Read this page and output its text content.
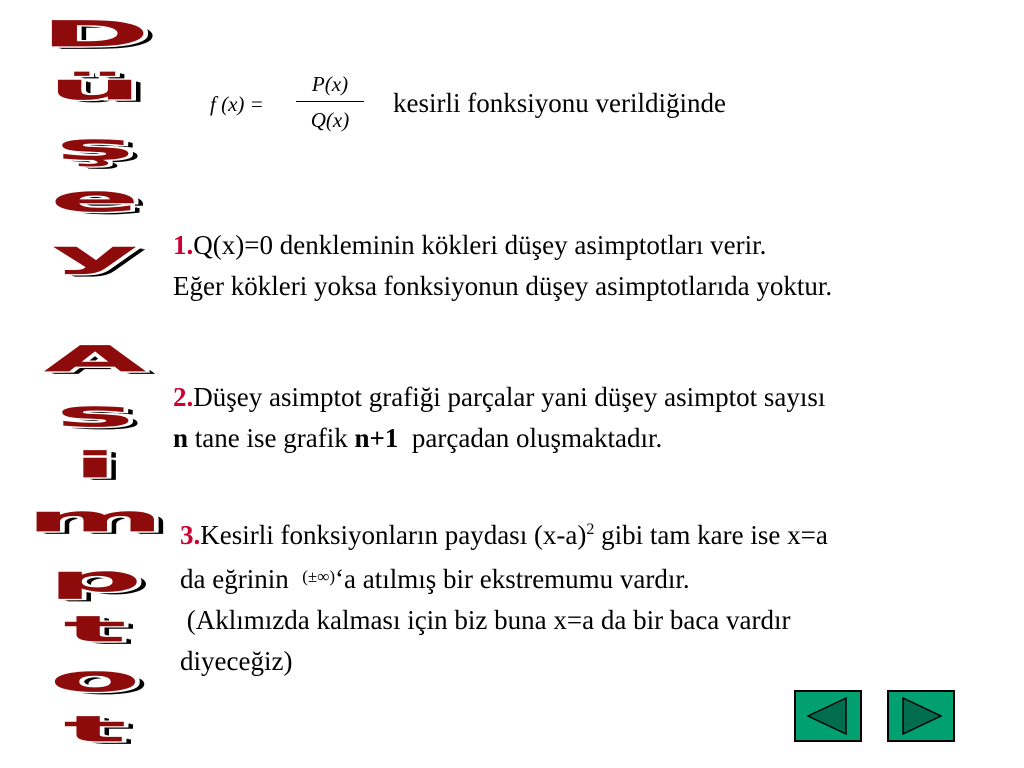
D
ü
ş
e
y
A
s
i
m
p
t
o
t
f (x) =
P(x)
Q(x)
kesirli fonksiyonu verildiğinde
1.Q(x)=0 denkleminin kökleri düşey asimptotları verir.
Eğer kökleri yoksa fonksiyonun düşey asimptotlarıda yoktur.
2.Düşey asimptot grafiği parçalar yani düşey asimptot sayısı
n tane ise grafik n+1  parçadan oluşmaktadır.
3.Kesirli fonksiyonların paydası $(x-a)^2$ gibi tam kare ise x=a
da eğrinin  (±∞)‘a atılmış bir ekstremumu vardır.
(Aklımızda kalması için biz buna x=a da bir baca vardır
diyeceğiz)
